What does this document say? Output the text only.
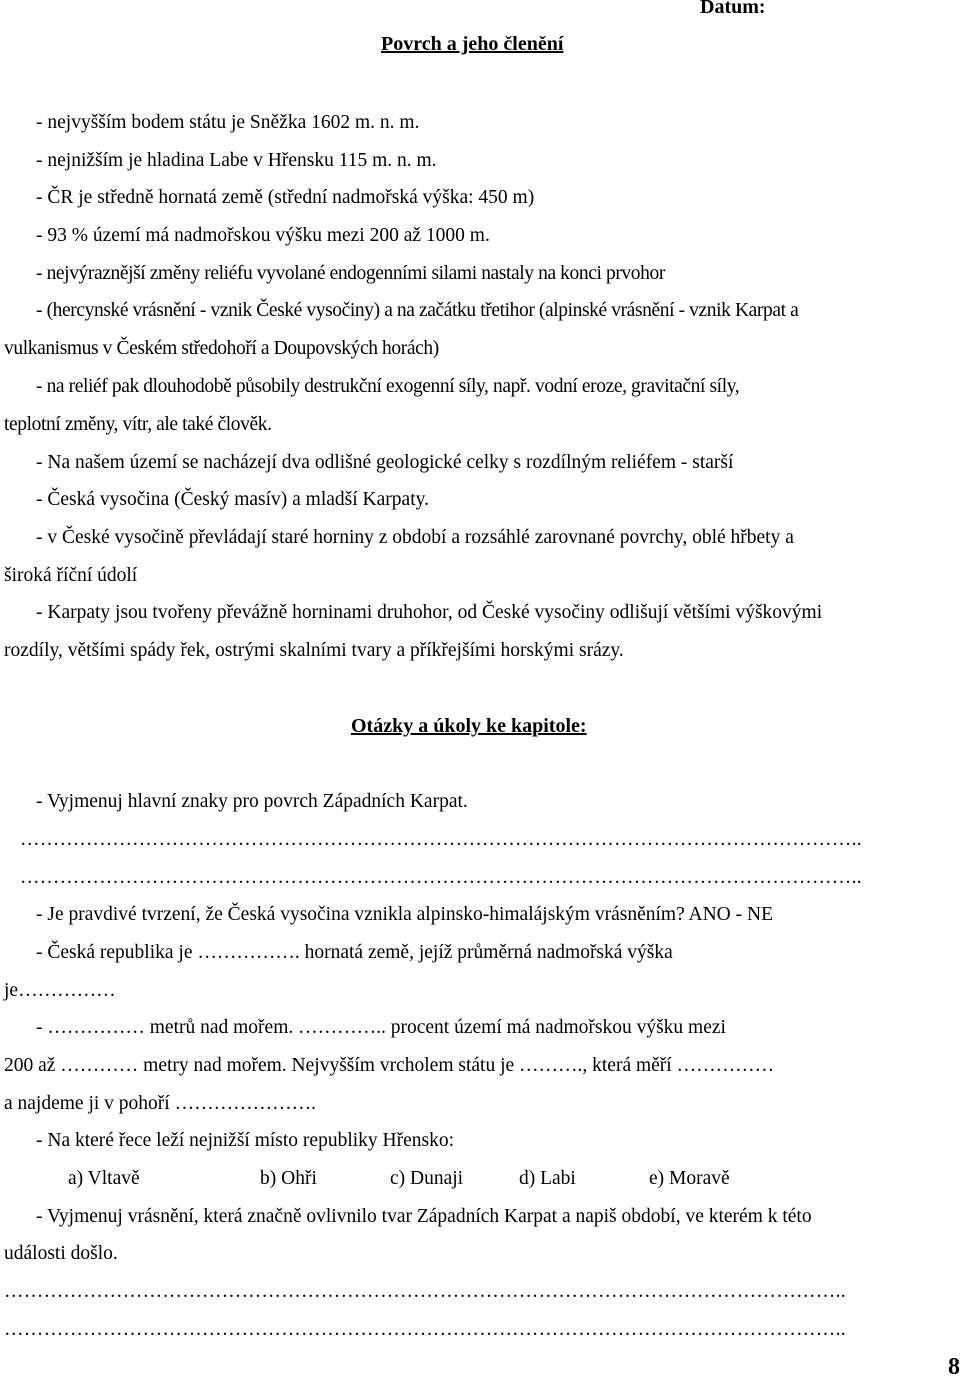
Datum:
Povrch a jeho členění
- nejvyšším bodem státu je Sněžka 1602 m. n. m.
- nejnižším je hladina Labe v Hřensku 115 m. n. m.
- ČR je středně hornatá země (střední nadmořská výška: 450 m)
- 93 % území má nadmořskou výšku mezi 200 až 1000 m.
- nejvýraznější změny reliéfu vyvolané endogenními silami nastaly na konci prvohor
- (hercynské vrásnění - vznik České vysočiny) a na začátku třetihor (alpinské vrásnění - vznik Karpat a
vulkanismus v Českém středohoří a Doupovských horách)
- na reliéf pak dlouhodobě působily destrukční exogenní síly, např. vodní eroze, gravitační síly,
teplotní změny, vítr, ale také člověk.
- Na našem území se nacházejí dva odlišné geologické celky s rozdílným reliéfem - starší
- Česká vysočina (Český masív) a mladší Karpaty.
- v České vysočině převládají staré horniny z období a rozsáhlé zarovnané povrchy, oblé hřbety a
široká říční údolí
- Karpaty jsou tvořeny převážně horninami druhohor, od České vysočiny odlišují většími výškovými
rozdíly, většími spády řek, ostrými skalními tvary a příkřejšími horskými srázy.
Otázky a úkoly ke kapitole:
- Vyjmenuj hlavní znaky pro povrch Západních Karpat.
………………………………………………………………………………………………………………..
………………………………………………………………………………………………………………..
- Je pravdivé tvrzení, že Česká vysočina vznikla alpinsko-himalájským vrásněním? ANO - NE
- Česká republika je ……………. hornatá země, jejíž průměrná nadmořská výška
je……………
- …………… metrů nad mořem. ………….. procent území má nadmořskou výšku mezi
200 až ………… metry nad mořem. Nejvyšším vrcholem státu je ………., která měří ……………
a najdeme ji v pohoří ………………….
- Na které řece leží nejnižší místo republiky Hřensko:
a) Vltavě	b) Ohři	c) Dunaji	d) Labi	e) Moravě
- Vyjmenuj vrásnění, která značně ovlivnilo tvar Západních Karpat a napiš období, ve kterém k této
události došlo.
………………………………………………………………………………………………………………..
………………………………………………………………………………………………………………..
8
